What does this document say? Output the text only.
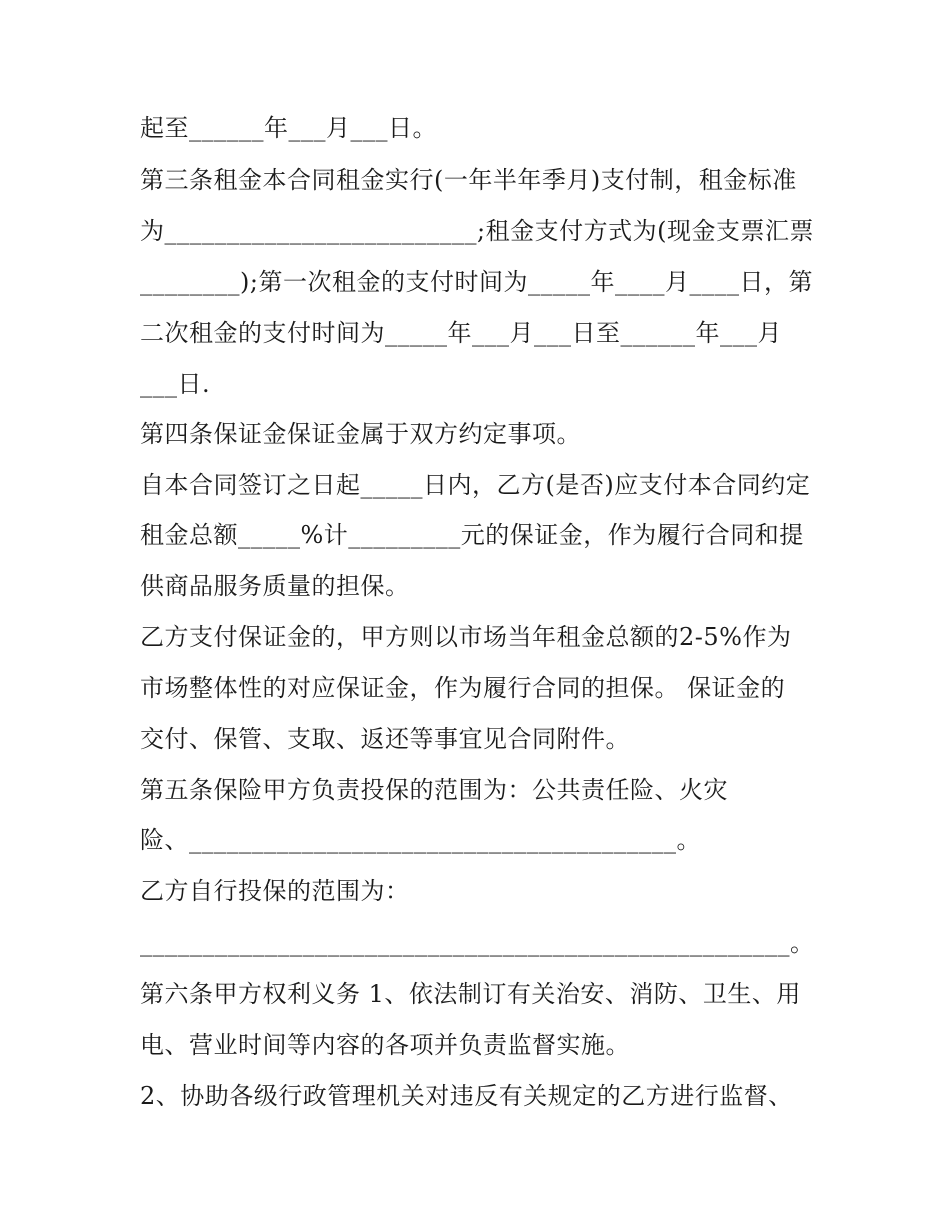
起至______年___月___日。
第三条租金本合同租金实行(一年半年季月)支付制，租金标准
为_________________________;租金支付方式为(现金支票汇票
________);第一次租金的支付时间为_____年____月____日，第
二次租金的支付时间为_____年___月___日至______年___月
___日.
第四条保证金保证金属于双方约定事项。
自本合同签订之日起_____日内，乙方(是否)应支付本合同约定
租金总额_____%计_________元的保证金，作为履行合同和提
供商品服务质量的担保。
乙方支付保证金的，甲方则以市场当年租金总额的2-5%作为
市场整体性的对应保证金，作为履行合同的担保。 保证金的
交付、保管、支取、返还等事宜见合同附件。
第五条保险甲方负责投保的范围为：公共责任险、火灾
险、_______________________________________。
乙方自行投保的范围为：
____________________________________________________。
第六条甲方权利义务 1、依法制订有关治安、消防、卫生、用
电、营业时间等内容的各项并负责监督实施。
2、协助各级行政管理机关对违反有关规定的乙方进行监督、
